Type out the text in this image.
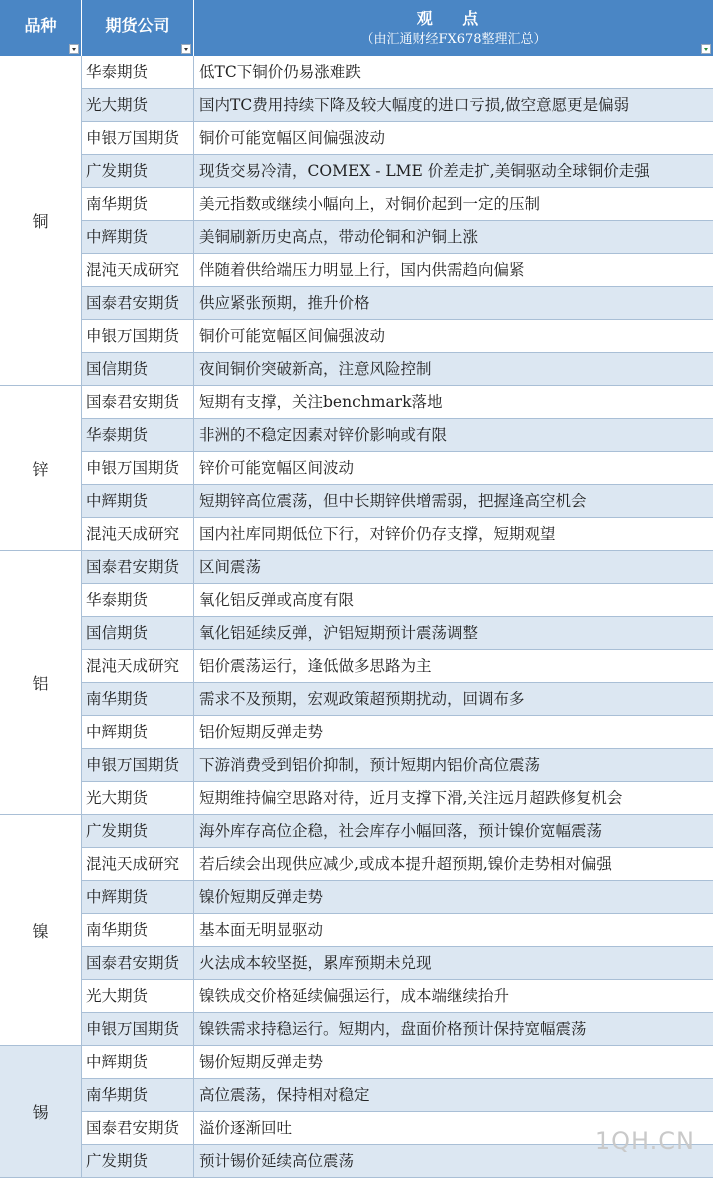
品种	期货公司	观 点
（由汇通财经FX678整理汇总）
铜
华泰期货	低TC下铜价仍易涨难跌
光大期货	国内TC费用持续下降及较大幅度的进口亏损,做空意愿更是偏弱
申银万国期货	铜价可能宽幅区间偏强波动
广发期货	现货交易冷清，COMEX - LME 价差走扩,美铜驱动全球铜价走强
南华期货	美元指数或继续小幅向上，对铜价起到一定的压制
中辉期货	美铜刷新历史高点，带动伦铜和沪铜上涨
混沌天成研究	伴随着供给端压力明显上行，国内供需趋向偏紧
国泰君安期货	供应紧张预期，推升价格
申银万国期货	铜价可能宽幅区间偏强波动
国信期货	夜间铜价突破新高，注意风险控制
锌
国泰君安期货	短期有支撑，关注benchmark落地
华泰期货	非洲的不稳定因素对锌价影响或有限
申银万国期货	锌价可能宽幅区间波动
中辉期货	短期锌高位震荡，但中长期锌供增需弱，把握逢高空机会
混沌天成研究	国内社库同期低位下行，对锌价仍存支撑，短期观望
铝
国泰君安期货	区间震荡
华泰期货	氧化铝反弹或高度有限
国信期货	氧化铝延续反弹，沪铝短期预计震荡调整
混沌天成研究	铝价震荡运行，逢低做多思路为主
南华期货	需求不及预期，宏观政策超预期扰动，回调布多
中辉期货	铝价短期反弹走势
申银万国期货	下游消费受到铝价抑制，预计短期内铝价高位震荡
光大期货	短期维持偏空思路对待，近月支撑下滑,关注远月超跌修复机会
镍
广发期货	海外库存高位企稳，社会库存小幅回落，预计镍价宽幅震荡
混沌天成研究	若后续会出现供应减少,或成本提升超预期,镍价走势相对偏强
中辉期货	镍价短期反弹走势
南华期货	基本面无明显驱动
国泰君安期货	火法成本较坚挺，累库预期未兑现
光大期货	镍铁成交价格延续偏强运行，成本端继续抬升
申银万国期货	镍铁需求持稳运行。短期内，盘面价格预计保持宽幅震荡
锡
中辉期货	锡价短期反弹走势
南华期货	高位震荡，保持相对稳定
国泰君安期货	溢价逐渐回吐
广发期货	预计锡价延续高位震荡
1QH.CN
